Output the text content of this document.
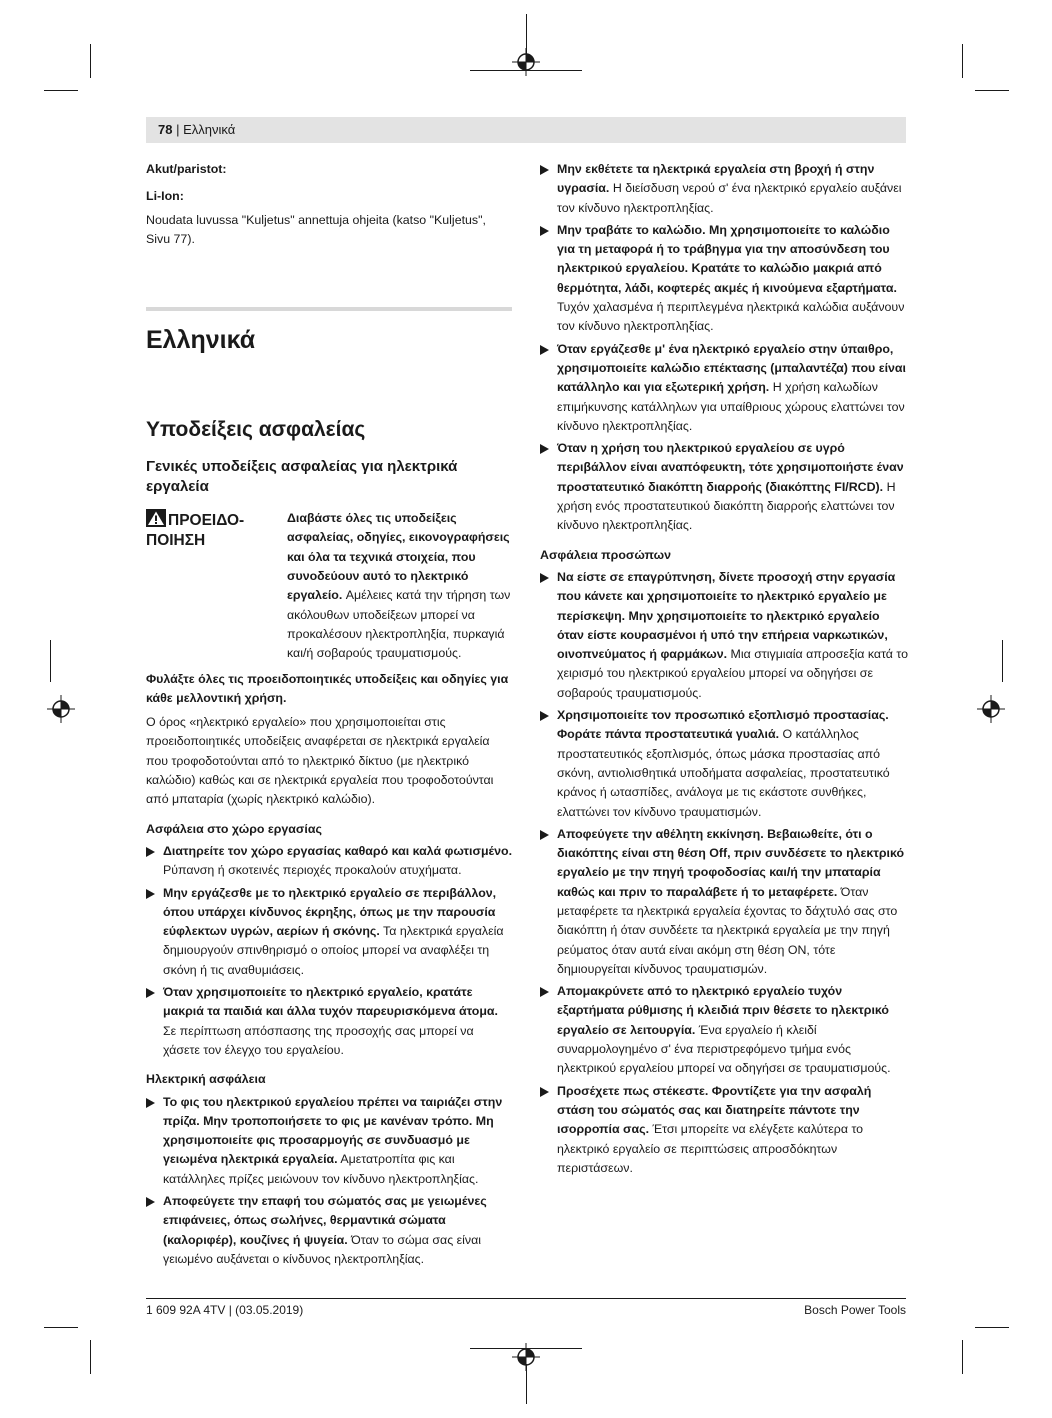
78 | Ελληνικά

Akut/paristot:

Li-Ion:

Noudata luvussa "Kuljetus" annettuja ohjeita (katso "Kuljetus", Sivu 77).

Ελληνικά
Υποδείξεις ασφαλείας
Γενικές υποδείξεις ασφαλείας για ηλεκτρικά εργαλεία
ΠΡΟΕΙΔΟ-ΠΟΙΗΣΗ

Διαβάστε όλες τις υποδείξεις ασφαλείας, οδηγίες, εικονογραφήσεις και όλα τα τεχνικά στοιχεία, που συνοδεύουν αυτό το ηλεκτρικό εργαλείο. Αμέλειες κατά την τήρηση των ακόλουθων υποδείξεων μπορεί να προκαλέσουν ηλεκτροπληξία, πυρκαγιά και/ή σοβαρούς τραυματισμούς.

Φυλάξτε όλες τις προειδοποιητικές υποδείξεις και οδηγίες για κάθε μελλοντική χρήση.

Ο όρος «ηλεκτρικό εργαλείο» που χρησιμοποιείται στις προειδοποιητικές υποδείξεις αναφέρεται σε ηλεκτρικά εργαλεία που τροφοδοτούνται από το ηλεκτρικό δίκτυο (με ηλεκτρικό καλώδιο) καθώς και σε ηλεκτρικά εργαλεία που τροφοδοτούνται από μπαταρία (χωρίς ηλεκτρικό καλώδιο).

Ασφάλεια στο χώρο εργασίας

Διατηρείτε τον χώρο εργασίας καθαρό και καλά φωτισμένο. Ρύπανση ή σκοτεινές περιοχές προκαλούν ατυχήματα.
Μην εργάζεσθε με το ηλεκτρικό εργαλείο σε περιβάλλον, όπου υπάρχει κίνδυνος έκρηξης, όπως με την παρουσία εύφλεκτων υγρών, αερίων ή σκόνης. Τα ηλεκτρικά εργαλεία δημιουργούν σπινθηρισμό ο οποίος μπορεί να αναφλέξει τη σκόνη ή τις αναθυμιάσεις.
Όταν χρησιμοποιείτε το ηλεκτρικό εργαλείο, κρατάτε μακριά τα παιδιά και άλλα τυχόν παρευρισκόμενα άτομα. Σε περίπτωση απόσπασης της προσοχής σας μπορεί να χάσετε τον έλεγχο του εργαλείου.

Ηλεκτρική ασφάλεια

Το φις του ηλεκτρικού εργαλείου πρέπει να ταιριάζει στην πρίζα. Μην τροποποιήσετε το φις με κανέναν τρόπο. Μη χρησιμοποιείτε φις προσαρμογής σε συνδυασμό με γειωμένα ηλεκτρικά εργαλεία. Αμετατροπίτα φις και κατάλληλες πρίζες μειώνουν τον κίνδυνο ηλεκτροπληξίας.
Αποφεύγετε την επαφή του σώματός σας με γειωμένες επιφάνειες, όπως σωλήνες, θερμαντικά σώματα (καλοριφέρ), κουζίνες ή ψυγεία. Όταν το σώμα σας είναι γειωμένο αυξάνεται ο κίνδυνος ηλεκτροπληξίας.
Μην εκθέτετε τα ηλεκτρικά εργαλεία στη βροχή ή στην υγρασία. Η διείσδυση νερού σ' ένα ηλεκτρικό εργαλείο αυξάνει τον κίνδυνο ηλεκτροπληξίας.
Μην τραβάτε το καλώδιο. Μη χρησιμοποιείτε το καλώδιο για τη μεταφορά ή το τράβηγμα για την αποσύνδεση του ηλεκτρικού εργαλείου. Κρατάτε το καλώδιο μακριά από θερμότητα, λάδι, κοφτερές ακμές ή κινούμενα εξαρτήματα. Τυχόν χαλασμένα ή περιπλεγμένα ηλεκτρικά καλώδια αυξάνουν τον κίνδυνο ηλεκτροπληξίας.
Όταν εργάζεσθε μ' ένα ηλεκτρικό εργαλείο στην ύπαιθρο, χρησιμοποιείτε καλώδιο επέκτασης (μπαλαντέζα) που είναι κατάλληλο και για εξωτερική χρήση. Η χρήση καλωδίων επιμήκυνσης κατάλληλων για υπαίθριους χώρους ελαττώνει τον κίνδυνο ηλεκτροπληξίας.
Όταν η χρήση του ηλεκτρικού εργαλείου σε υγρό περιβάλλον είναι αναπόφευκτη, τότε χρησιμοποιήστε έναν προστατευτικό διακόπτη διαρροής (διακόπτης FI/RCD). Η χρήση ενός προστατευτικού διακόπτη διαρροής ελαττώνει τον κίνδυνο ηλεκτροπληξίας.

Ασφάλεια προσώπων

Να είστε σε επαγρύπνηση, δίνετε προσοχή στην εργασία που κάνετε και χρησιμοποιείτε το ηλεκτρικό εργαλείο με περίσκεψη. Μην χρησιμοποιείτε το ηλεκτρικό εργαλείο όταν είστε κουρασμένοι ή υπό την επήρεια ναρκωτικών, οινοπνεύματος ή φαρμάκων. Μια στιγμιαία απροσεξία κατά το χειρισμό του ηλεκτρικού εργαλείου μπορεί να οδηγήσει σε σοβαρούς τραυματισμούς.
Χρησιμοποιείτε τον προσωπικό εξοπλισμό προστασίας. Φοράτε πάντα προστατευτικά γυαλιά. Ο κατάλληλος προστατευτικός εξοπλισμός, όπως μάσκα προστασίας από σκόνη, αντιολισθητικά υποδήματα ασφαλείας, προστατευτικό κράνος ή ωτασπίδες, ανάλογα με τις εκάστοτε συνθήκες, ελαττώνει τον κίνδυνο τραυματισμών.
Αποφεύγετε την αθέλητη εκκίνηση. Βεβαιωθείτε, ότι ο διακόπτης είναι στη θέση Off, πριν συνδέσετε το ηλεκτρικό εργαλείο με την πηγή τροφοδοσίας και/ή την μπαταρία καθώς και πριν το παραλάβετε ή το μεταφέρετε. Όταν μεταφέρετε τα ηλεκτρικά εργαλεία έχοντας το δάχτυλό σας στο διακόπτη ή όταν συνδέετε τα ηλεκτρικά εργαλεία με την πηγή ρεύματος όταν αυτά είναι ακόμη στη θέση ON, τότε δημιουργείται κίνδυνος τραυματισμών.
Απομακρύνετε από το ηλεκτρικό εργαλείο τυχόν εξαρτήματα ρύθμισης ή κλειδιά πριν θέσετε το ηλεκτρικό εργαλείο σε λειτουργία. Ένα εργαλείο ή κλειδί συναρμολογημένο σ' ένα περιστρεφόμενο τμήμα ενός ηλεκτρικού εργαλείου μπορεί να οδηγήσει σε τραυματισμούς.
Προσέχετε πως στέκεστε. Φροντίζετε για την ασφαλή στάση του σώματός σας και διατηρείτε πάντοτε την ισορροπία σας. Έτσι μπορείτε να ελέγξετε καλύτερα το ηλεκτρικό εργαλείο σε περιπτώσεις απροσδόκητων περιστάσεων.
1 609 92A 4TV | (03.05.2019)	Bosch Power Tools
